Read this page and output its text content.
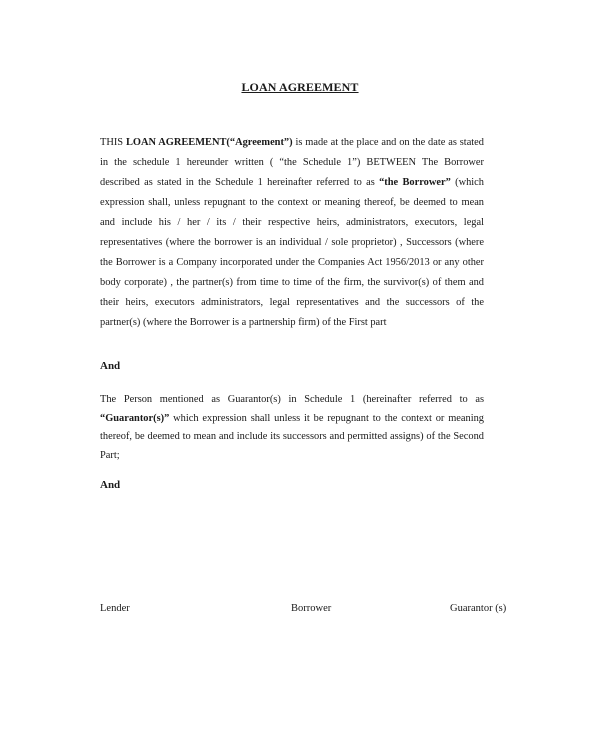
LOAN AGREEMENT
THIS LOAN AGREEMENT(“Agreement”) is made at the place and on the date as stated in the schedule 1 hereunder written ( “the Schedule 1”) BETWEEN The Borrower described as stated in the Schedule 1 hereinafter referred to as “the Borrower” (which expression shall, unless repugnant to the context or meaning thereof, be deemed to mean and include his / her / its / their respective heirs, administrators, executors, legal representatives (where the borrower is an individual / sole proprietor) , Successors (where the Borrower is a Company incorporated under the Companies Act 1956/2013 or any other body corporate) , the partner(s) from time to time of the firm, the survivor(s) of them and their heirs, executors administrators, legal representatives and the successors of the partner(s) (where the Borrower is a partnership firm) of the First part
And
The Person mentioned as Guarantor(s) in Schedule 1 (hereinafter referred to as “Guarantor(s)” which expression shall unless it be repugnant to the context or meaning thereof, be deemed to mean and include its successors and permitted assigns) of the Second Part;
And
Lender	Borrower	Guarantor (s)
